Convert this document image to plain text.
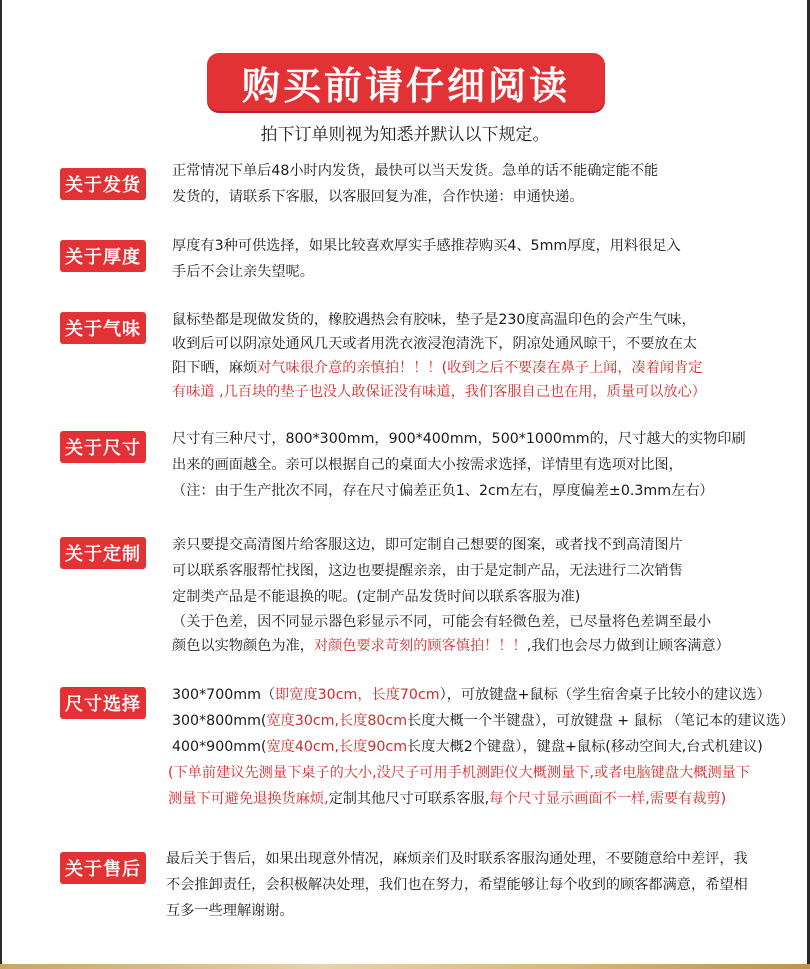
购买前请仔细阅读
拍下订单则视为知悉并默认以下规定。
关于发货
正常情况下单后48小时内发货，最快可以当天发货。急单的话不能确定能不能
发货的，请联系下客服，以客服回复为准，合作快递：申通快递。
关于厚度
厚度有3种可供选择，如果比较喜欢厚实手感推荐购买4、5mm厚度，用料很足入
手后不会让亲失望呢。
关于气味	鼠标垫都是现做发货的，橡胶遇热会有胶味，垫子是230度高温印色的会产生气味，
收到后可以阴凉处通风几天或者用洗衣液浸泡清洗下，阴凉处通风晾干，不要放在太
阳下晒，麻烦对气味很介意的亲慎拍！！！(收到之后不要凑在鼻子上闻，凑着闻肯定
有味道 ,几百块的垫子也没人敢保证没有味道，我们客服自己也在用，质量可以放心）
关于尺寸	尺寸有三种尺寸，800*300mm，900*400mm，500*1000mm的，尺寸越大的实物印刷
出来的画面越全。亲可以根据自己的桌面大小按需求选择，详情里有选项对比图，
（注：由于生产批次不同，存在尺寸偏差正负1、2cm左右，厚度偏差±0.3mm左右）
关于定制	亲只要提交高清图片给客服这边，即可定制自己想要的图案，或者找不到高清图片
可以联系客服帮忙找图，这边也要提醒亲亲，由于是定制产品，无法进行二次销售
定制类产品是不能退换的呢。(定制产品发货时间以联系客服为准)
（关于色差，因不同显示器色彩显示不同，可能会有轻微色差，已尽量将色差调至最小
颜色以实物颜色为准，对颜色要求苛刻的顾客慎拍！！！,我们也会尽力做到让顾客满意）
尺寸选择	300*700mm（即宽度30cm，长度70cm），可放键盘+鼠标（学生宿舍桌子比较小的建议选）
300*800mm(宽度30cm,长度80cm长度大概一个半键盘），可放键盘 + 鼠标 （笔记本的建议选）
400*900mm(宽度40cm,长度90cm长度大概2个键盘），键盘+鼠标(移动空间大,台式机建议)
(下单前建议先测量下桌子的大小,没尺子可用手机测距仪大概测量下,或者电脑键盘大概测量下
测量下可避免退换货麻烦,定制其他尺寸可联系客服,每个尺寸显示画面不一样,需要有裁剪)
关于售后	最后关于售后，如果出现意外情况，麻烦亲们及时联系客服沟通处理，不要随意给中差评，我
不会推卸责任，会积极解决处理，我们也在努力，希望能够让每个收到的顾客都满意，希望相
互多一些理解谢谢。
